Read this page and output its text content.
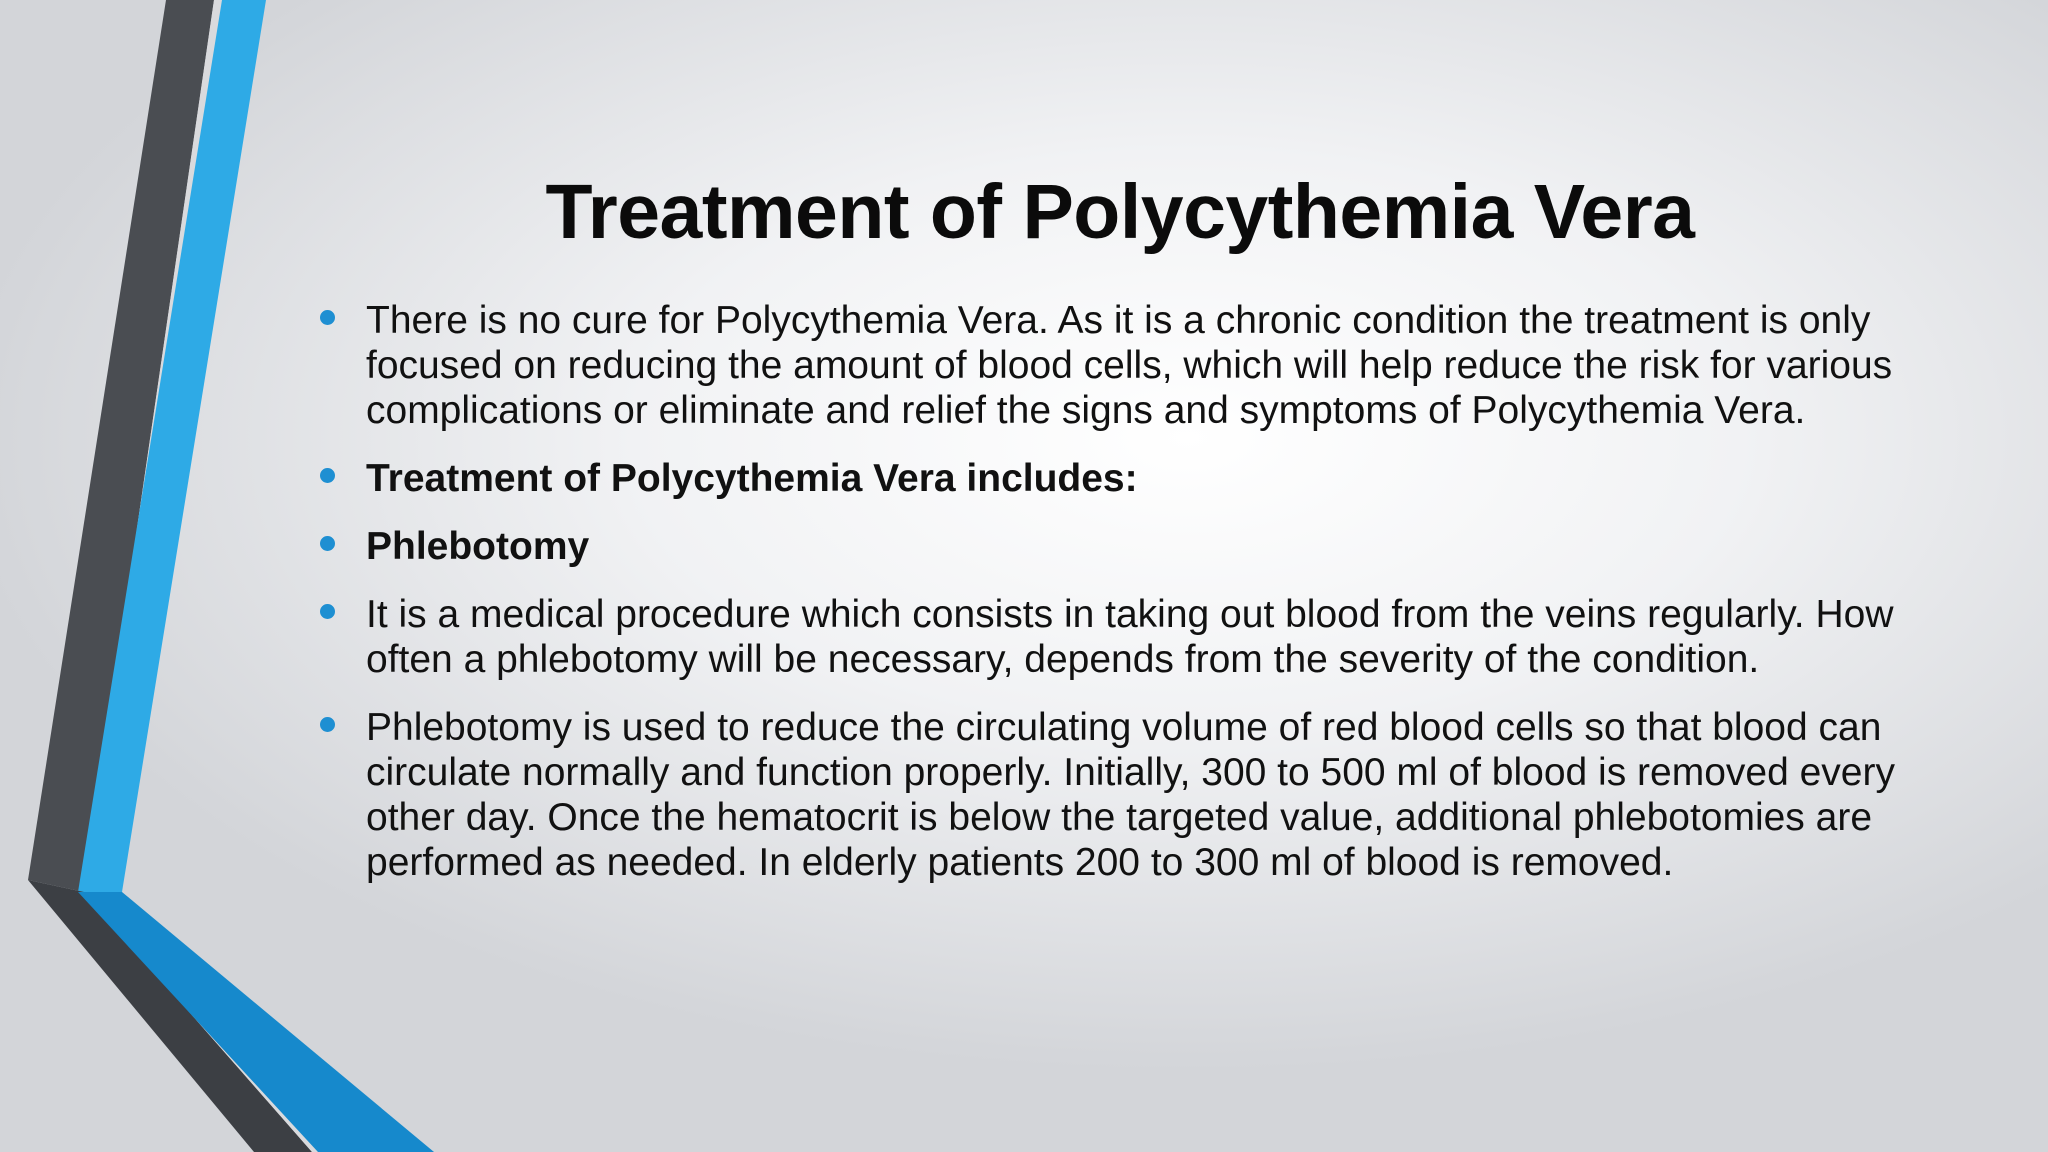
Treatment of Polycythemia Vera
There is no cure for Polycythemia Vera. As it is a chronic condition the treatment is only focused on reducing the amount of blood cells, which will help reduce the risk for various complications or eliminate and relief the signs and symptoms of Polycythemia Vera.
Treatment of Polycythemia Vera includes:
Phlebotomy
It is a medical procedure which consists in taking out blood from the veins regularly. How often a phlebotomy will be necessary, depends from the severity of the condition.
Phlebotomy is used to reduce the circulating volume of red blood cells so that blood can circulate normally and function properly. Initially, 300 to 500 ml of blood is removed every other day. Once the hematocrit is below the targeted value, additional phlebotomies are performed as needed. In elderly patients 200 to 300 ml of blood is removed.
